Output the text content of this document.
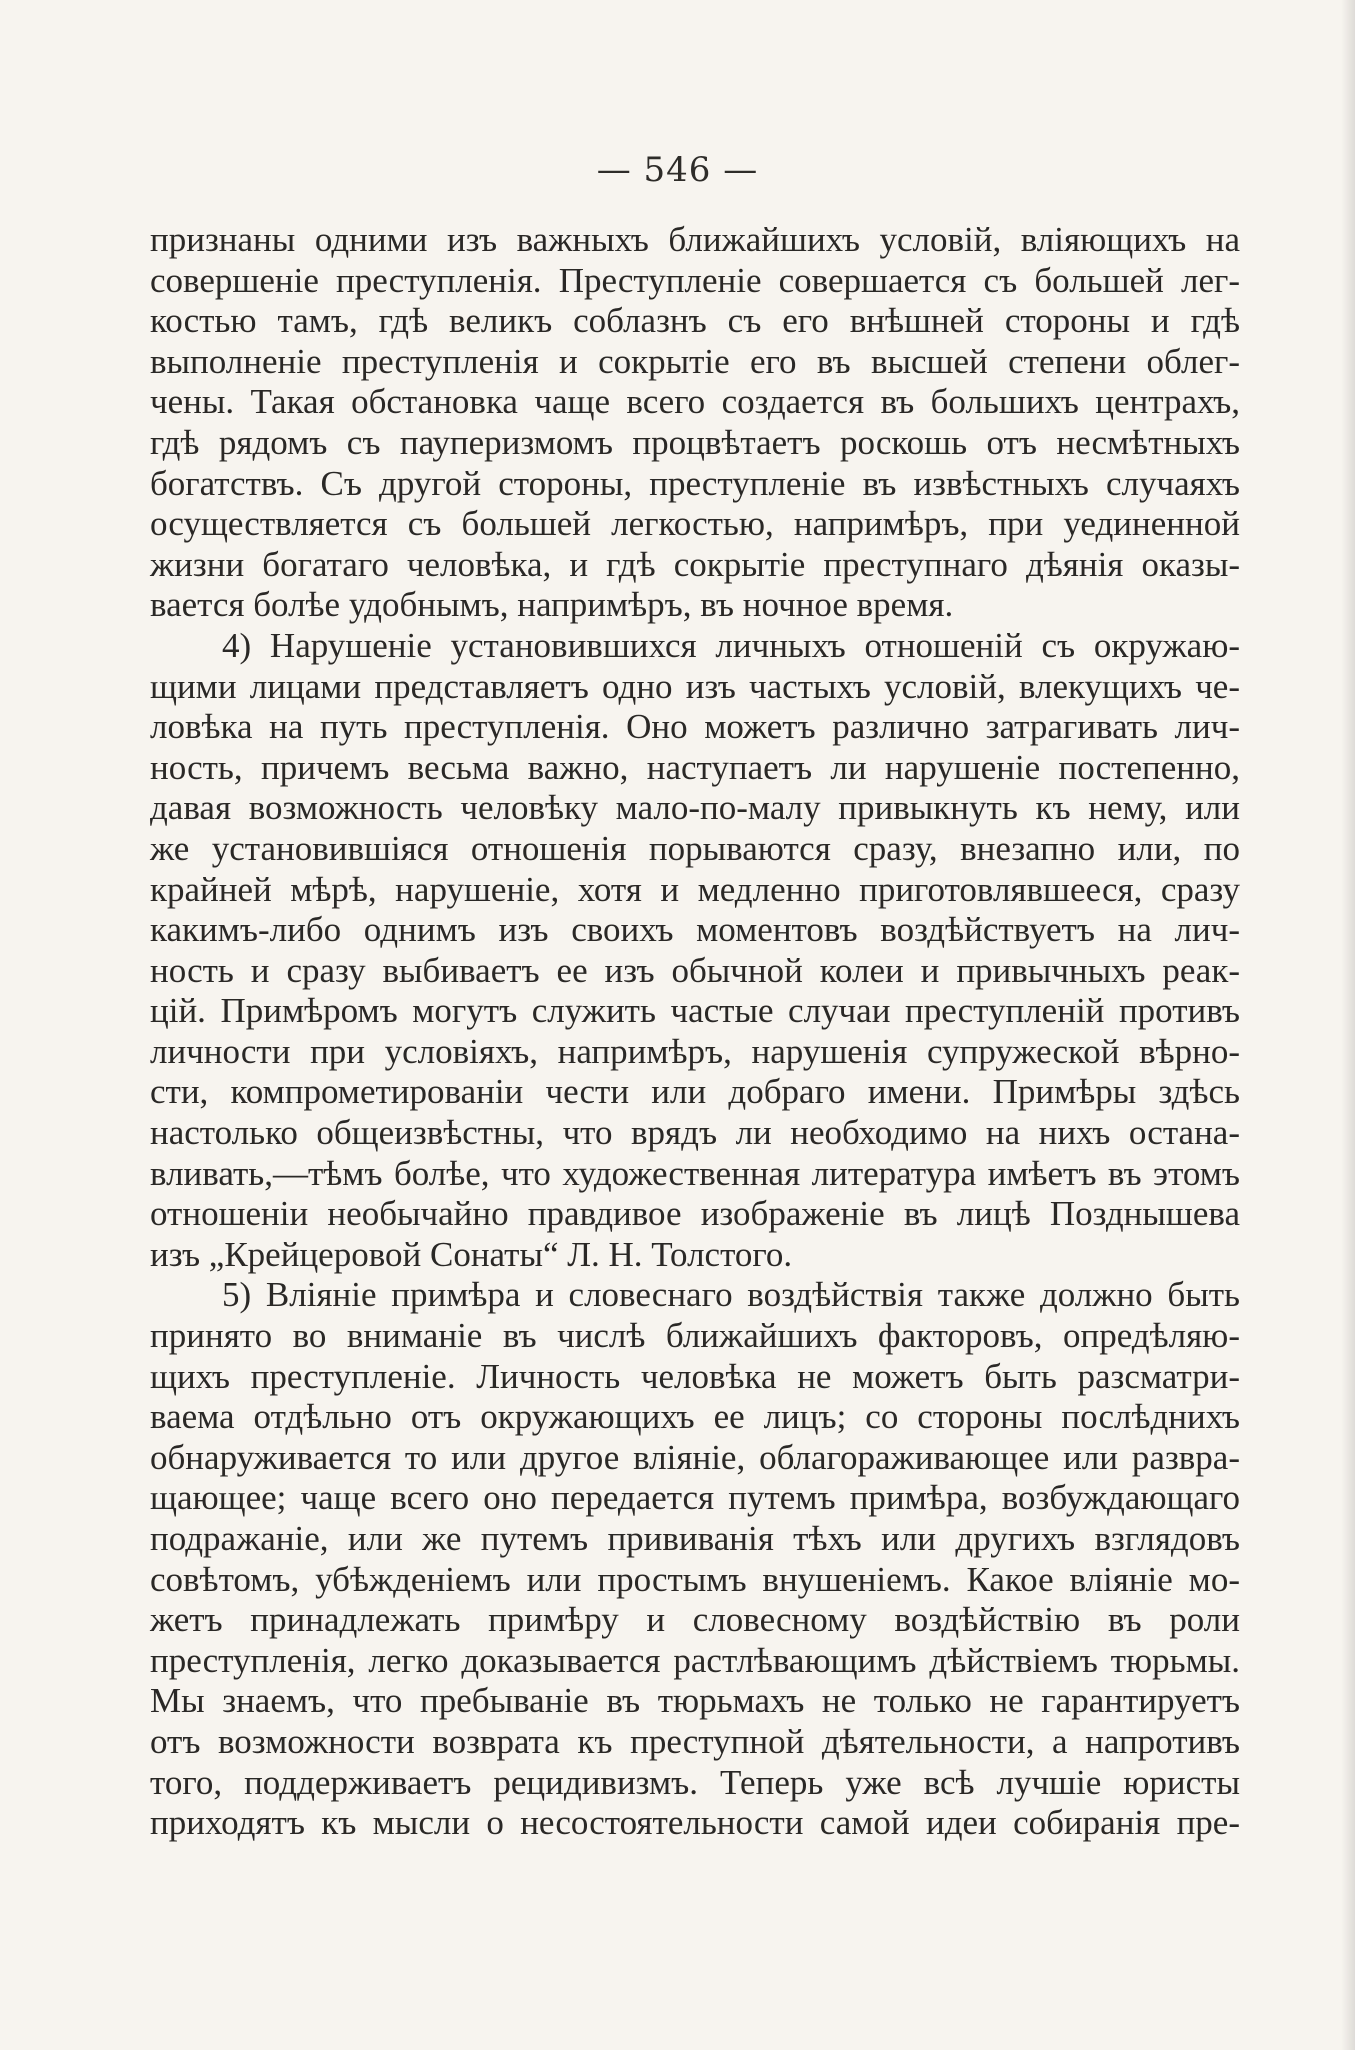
— 546 —
признаны одними изъ важныхъ ближайшихъ условій, вліяющихъ на
совершеніе преступленія. Преступленіе совершается съ большей лег-
костью тамъ, гдѣ великъ соблазнъ съ его внѣшней стороны и гдѣ
выполненіе преступленія и сокрытіе его въ высшей степени облег-
чены. Такая обстановка чаще всего создается въ большихъ центрахъ,
гдѣ рядомъ съ пауперизмомъ процвѣтаетъ роскошь отъ несмѣтныхъ
богатствъ. Съ другой стороны, преступленіе въ извѣстныхъ случаяхъ
осуществляется съ большей легкостью, напримѣръ, при уединенной
жизни богатаго человѣка, и гдѣ сокрытіе преступнаго дѣянія оказы-
вается болѣе удобнымъ, напримѣръ, въ ночное время.
4) Нарушеніе установившихся личныхъ отношеній съ окружаю-
щими лицами представляетъ одно изъ частыхъ условій, влекущихъ че-
ловѣка на путь преступленія. Оно можетъ различно затрагивать лич-
ность, причемъ весьма важно, наступаетъ ли нарушеніе постепенно,
давая возможность человѣку мало-по-малу привыкнуть къ нему, или
же установившіяся отношенія порываются сразу, внезапно или, по
крайней мѣрѣ, нарушеніе, хотя и медленно приготовлявшееся, сразу
какимъ-либо однимъ изъ своихъ моментовъ воздѣйствуетъ на лич-
ность и сразу выбиваетъ ее изъ обычной колеи и привычныхъ реак-
цій. Примѣромъ могутъ служить частые случаи преступленій противъ
личности при условіяхъ, напримѣръ, нарушенія супружеской вѣрно-
сти, компрометированіи чести или добраго имени. Примѣры здѣсь
настолько общеизвѣстны, что врядъ ли необходимо на нихъ остана-
вливать,—тѣмъ болѣе, что художественная литература имѣетъ въ этомъ
отношеніи необычайно правдивое изображеніе въ лицѣ Позднышева
изъ „Крейцеровой Сонаты“ Л. Н. Толстого.
5) Вліяніе примѣра и словеснаго воздѣйствія также должно быть
принято во вниманіе въ числѣ ближайшихъ факторовъ, опредѣляю-
щихъ преступленіе. Личность человѣка не можетъ быть разсматри-
ваема отдѣльно отъ окружающихъ ее лицъ; со стороны послѣднихъ
обнаруживается то или другое вліяніе, облагораживающее или развра-
щающее; чаще всего оно передается путемъ примѣра, возбуждающаго
подражаніе, или же путемъ прививанія тѣхъ или другихъ взглядовъ
совѣтомъ, убѣжденіемъ или простымъ внушеніемъ. Какое вліяніе мо-
жетъ принадлежать примѣру и словесному воздѣйствію въ роли
преступленія, легко доказывается растлѣвающимъ дѣйствіемъ тюрьмы.
Мы знаемъ, что пребываніе въ тюрьмахъ не только не гарантируетъ
отъ возможности возврата къ преступной дѣятельности, а напротивъ
того, поддерживаетъ рецидивизмъ. Теперь уже всѣ лучшіе юристы
приходятъ къ мысли о несостоятельности самой идеи собиранія пре-
